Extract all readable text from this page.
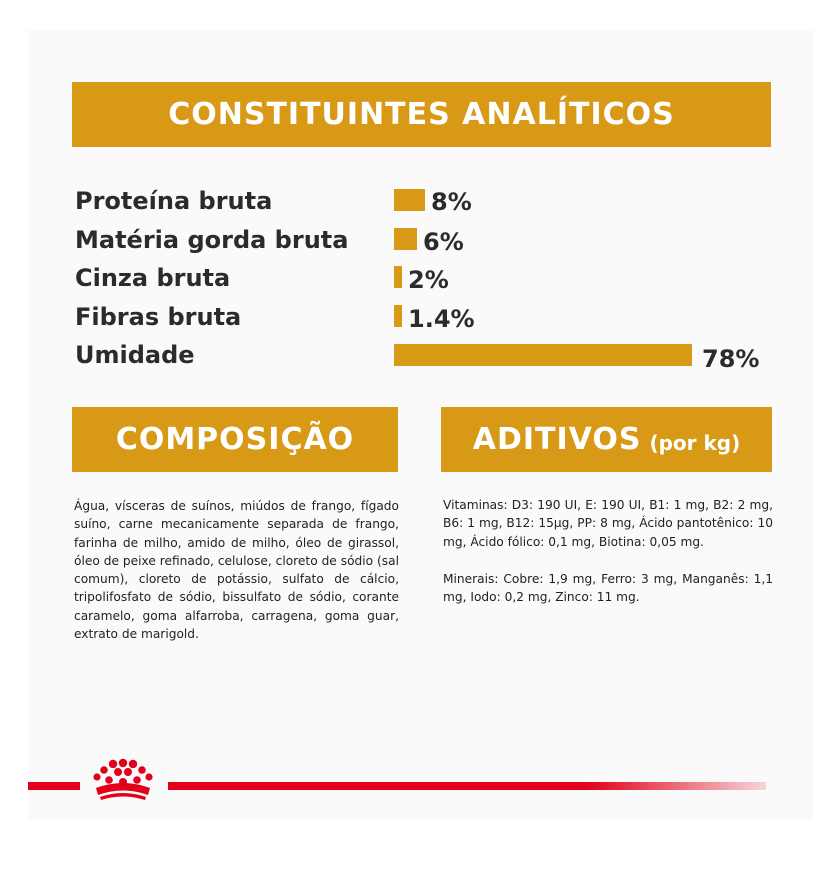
CONSTITUINTES ANALÍTICOS
Proteína bruta	8%
Matéria gorda bruta	6%
Cinza bruta	2%
Fibras bruta	1.4%
Umidade	78%
COMPOSIÇÃO	ADITIVOS (por kg)
Água, vísceras de suínos, miúdos de frango, fígado suíno, carne mecanicamente separada de frango, farinha de milho, amido de milho, óleo de girassol, óleo de peixe refinado, celulose, cloreto de sódio (sal comum), cloreto de potássio, sulfato de cálcio, tripolifosfato de sódio, bissulfato de sódio, corante caramelo, goma alfarroba, carragena, goma guar, extrato de marigold.
Vitaminas: D3: 190 UI, E: 190 UI, B1: 1 mg, B2: 2 mg, B6: 1 mg, B12: 15µg, PP: 8 mg, Ácido pantotênico: 10 mg, Ácido fólico: 0,1 mg, Biotina: 0,05 mg.
Minerais: Cobre: 1,9 mg, Ferro: 3 mg, Manganês: 1,1 mg, Iodo: 0,2 mg, Zinco: 11 mg.
